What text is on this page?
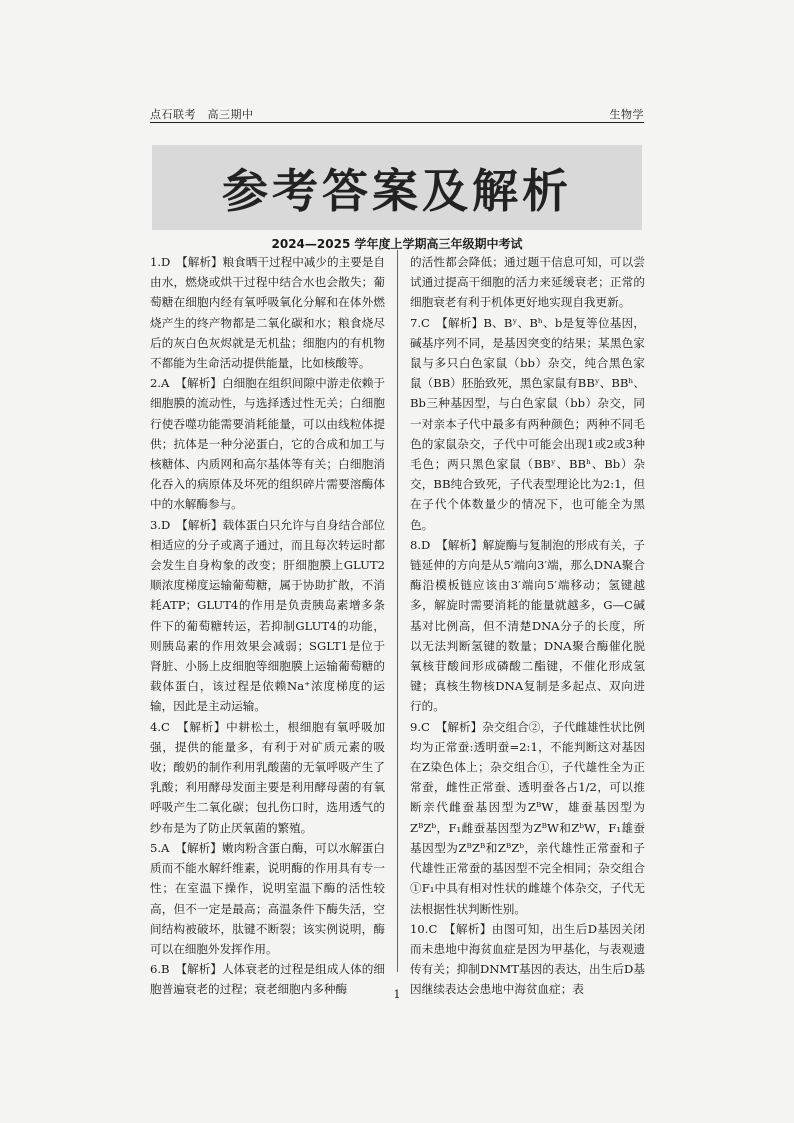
点石联考　高三期中	生物学
参考答案及解析
2024—2025 学年度上学期高三年级期中考试

1.D　【解析】粮食晒干过程中减少的主要是自由水，燃烧或烘干过程中结合水也会散失；葡萄糖在细胞内经有氧呼吸氧化分解和在体外燃烧产生的终产物都是二氧化碳和水；粮食烧尽后的灰白色灰烬就是无机盐；细胞内的有机物不都能为生命活动提供能量，比如核酸等。

2.A　【解析】白细胞在组织间隙中游走依赖于细胞膜的流动性，与选择透过性无关；白细胞行使吞噬功能需要消耗能量，可以由线粒体提供；抗体是一种分泌蛋白，它的合成和加工与核糖体、内质网和高尔基体等有关；白细胞消化吞入的病原体及坏死的组织碎片需要溶酶体中的水解酶参与。

3.D　【解析】载体蛋白只允许与自身结合部位相适应的分子或离子通过，而且每次转运时都会发生自身构象的改变；肝细胞膜上GLUT2顺浓度梯度运输葡萄糖，属于协助扩散，不消耗ATP；GLUT4的作用是负责胰岛素增多条件下的葡萄糖转运，若抑制GLUT4的功能，则胰岛素的作用效果会减弱；SGLT1是位于肾脏、小肠上皮细胞等细胞膜上运输葡萄糖的载体蛋白，该过程是依赖Na⁺浓度梯度的运输，因此是主动运输。

4.C　【解析】中耕松土，根细胞有氧呼吸加强，提供的能量多，有利于对矿质元素的吸收；酸奶的制作利用乳酸菌的无氧呼吸产生了乳酸；利用酵母发面主要是利用酵母菌的有氧呼吸产生二氧化碳；包扎伤口时，选用透气的纱布是为了防止厌氧菌的繁殖。

5.A　【解析】嫩肉粉含蛋白酶，可以水解蛋白质而不能水解纤维素，说明酶的作用具有专一性；在室温下操作，说明室温下酶的活性较高，但不一定是最高；高温条件下酶失活，空间结构被破坏，肽键不断裂；该实例说明，酶可以在细胞外发挥作用。

6.B　【解析】人体衰老的过程是组成人体的细胞普遍衰老的过程；衰老细胞内多种酶

的活性都会降低；通过题干信息可知，可以尝试通过提高干细胞的活力来延缓衰老；正常的细胞衰老有利于机体更好地实现自我更新。

7.C　【解析】B、Bʸ、Bʰ、b是复等位基因，碱基序列不同，是基因突变的结果；某黑色家鼠与多只白色家鼠（bb）杂交，纯合黑色家鼠（BB）胚胎致死，黑色家鼠有BBʸ、BBʰ、Bb三种基因型，与白色家鼠（bb）杂交，同一对亲本子代中最多有两种颜色；两种不同毛色的家鼠杂交，子代中可能会出现1或2或3种毛色；两只黑色家鼠（BBʸ、BBʰ、Bb）杂交，BB纯合致死，子代表型理论比为2:1，但在子代个体数量少的情况下，也可能全为黑色。

8.D　【解析】解旋酶与复制泡的形成有关，子链延伸的方向是从5′端向3′端，那么DNA聚合酶沿模板链应该由3′端向5′端移动；氢键越多，解旋时需要消耗的能量就越多，G—C碱基对比例高，但不清楚DNA分子的长度，所以无法判断氢键的数量；DNA聚合酶催化脱氧核苷酸间形成磷酸二酯键，不催化形成氢键；真核生物核DNA复制是多起点、双向进行的。

9.C　【解析】杂交组合②，子代雌雄性状比例均为正常蚕:透明蚕=2:1，不能判断这对基因在Z染色体上；杂交组合①，子代雄性全为正常蚕，雌性正常蚕、透明蚕各占1/2，可以推断亲代雌蚕基因型为ZᴮW，雄蚕基因型为ZᴮZᵇ，F₁雌蚕基因型为ZᴮW和ZᵇW，F₁雄蚕基因型为ZᴮZᴮ和ZᴮZᵇ，亲代雄性正常蚕和子代雄性正常蚕的基因型不完全相同；杂交组合①F₁中具有相对性状的雌雄个体杂交，子代无法根据性状判断性别。

10.C　【解析】由图可知，出生后D基因关闭而未患地中海贫血症是因为甲基化，与表观遗传有关；抑制DNMT基因的表达，出生后D基因继续表达会患地中海贫血症；表

1
